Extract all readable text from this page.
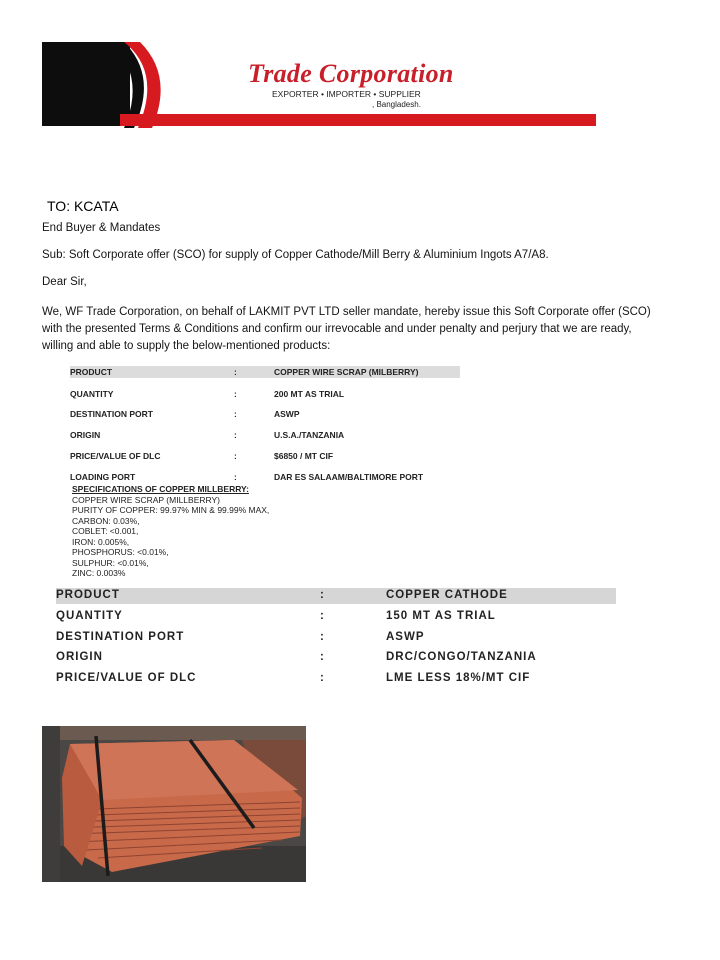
Trade Corporation
EXPORTER • IMPORTER • SUPPLIER
, Bangladesh.
TO: KCATA
End Buyer & Mandates
Sub: Soft Corporate offer (SCO) for supply of Copper Cathode/Mill Berry & Aluminium Ingots A7/A8.
Dear Sir,
We, WF Trade Corporation, on behalf of LAKMIT PVT LTD seller mandate, hereby issue this Soft Corporate offer (SCO)
with the presented Terms & Conditions and confirm our irrevocable and under penalty and perjury that we are ready,
willing and able to supply the below-mentioned products:
PRODUCT	:	COPPER WIRE SCRAP (MILBERRY)
QUANTITY	:	200 MT AS TRIAL
DESTINATION PORT	:	ASWP
ORIGIN	:	U.S.A./TANZANIA
PRICE/VALUE OF DLC	:	$6850 / MT CIF
LOADING PORT	:	DAR ES SALAAM/BALTIMORE PORT
SPECIFICATIONS OF COPPER MILLBERRY:
COPPER WIRE SCRAP (MILLBERRY)
PURITY OF COPPER: 99.97% MIN & 99.99% MAX,
CARBON: 0.03%,
COBLET: <0.001,
IRON: 0.005%,
PHOSPHORUS: <0.01%,
SULPHUR: <0.01%,
ZINC: 0.003%
PRODUCT	:	COPPER CATHODE
QUANTITY	:	150 MT AS TRIAL
DESTINATION PORT	:	ASWP
ORIGIN	:	DRC/CONGO/TANZANIA
PRICE/VALUE OF DLC	:	LME LESS 18%/MT CIF
